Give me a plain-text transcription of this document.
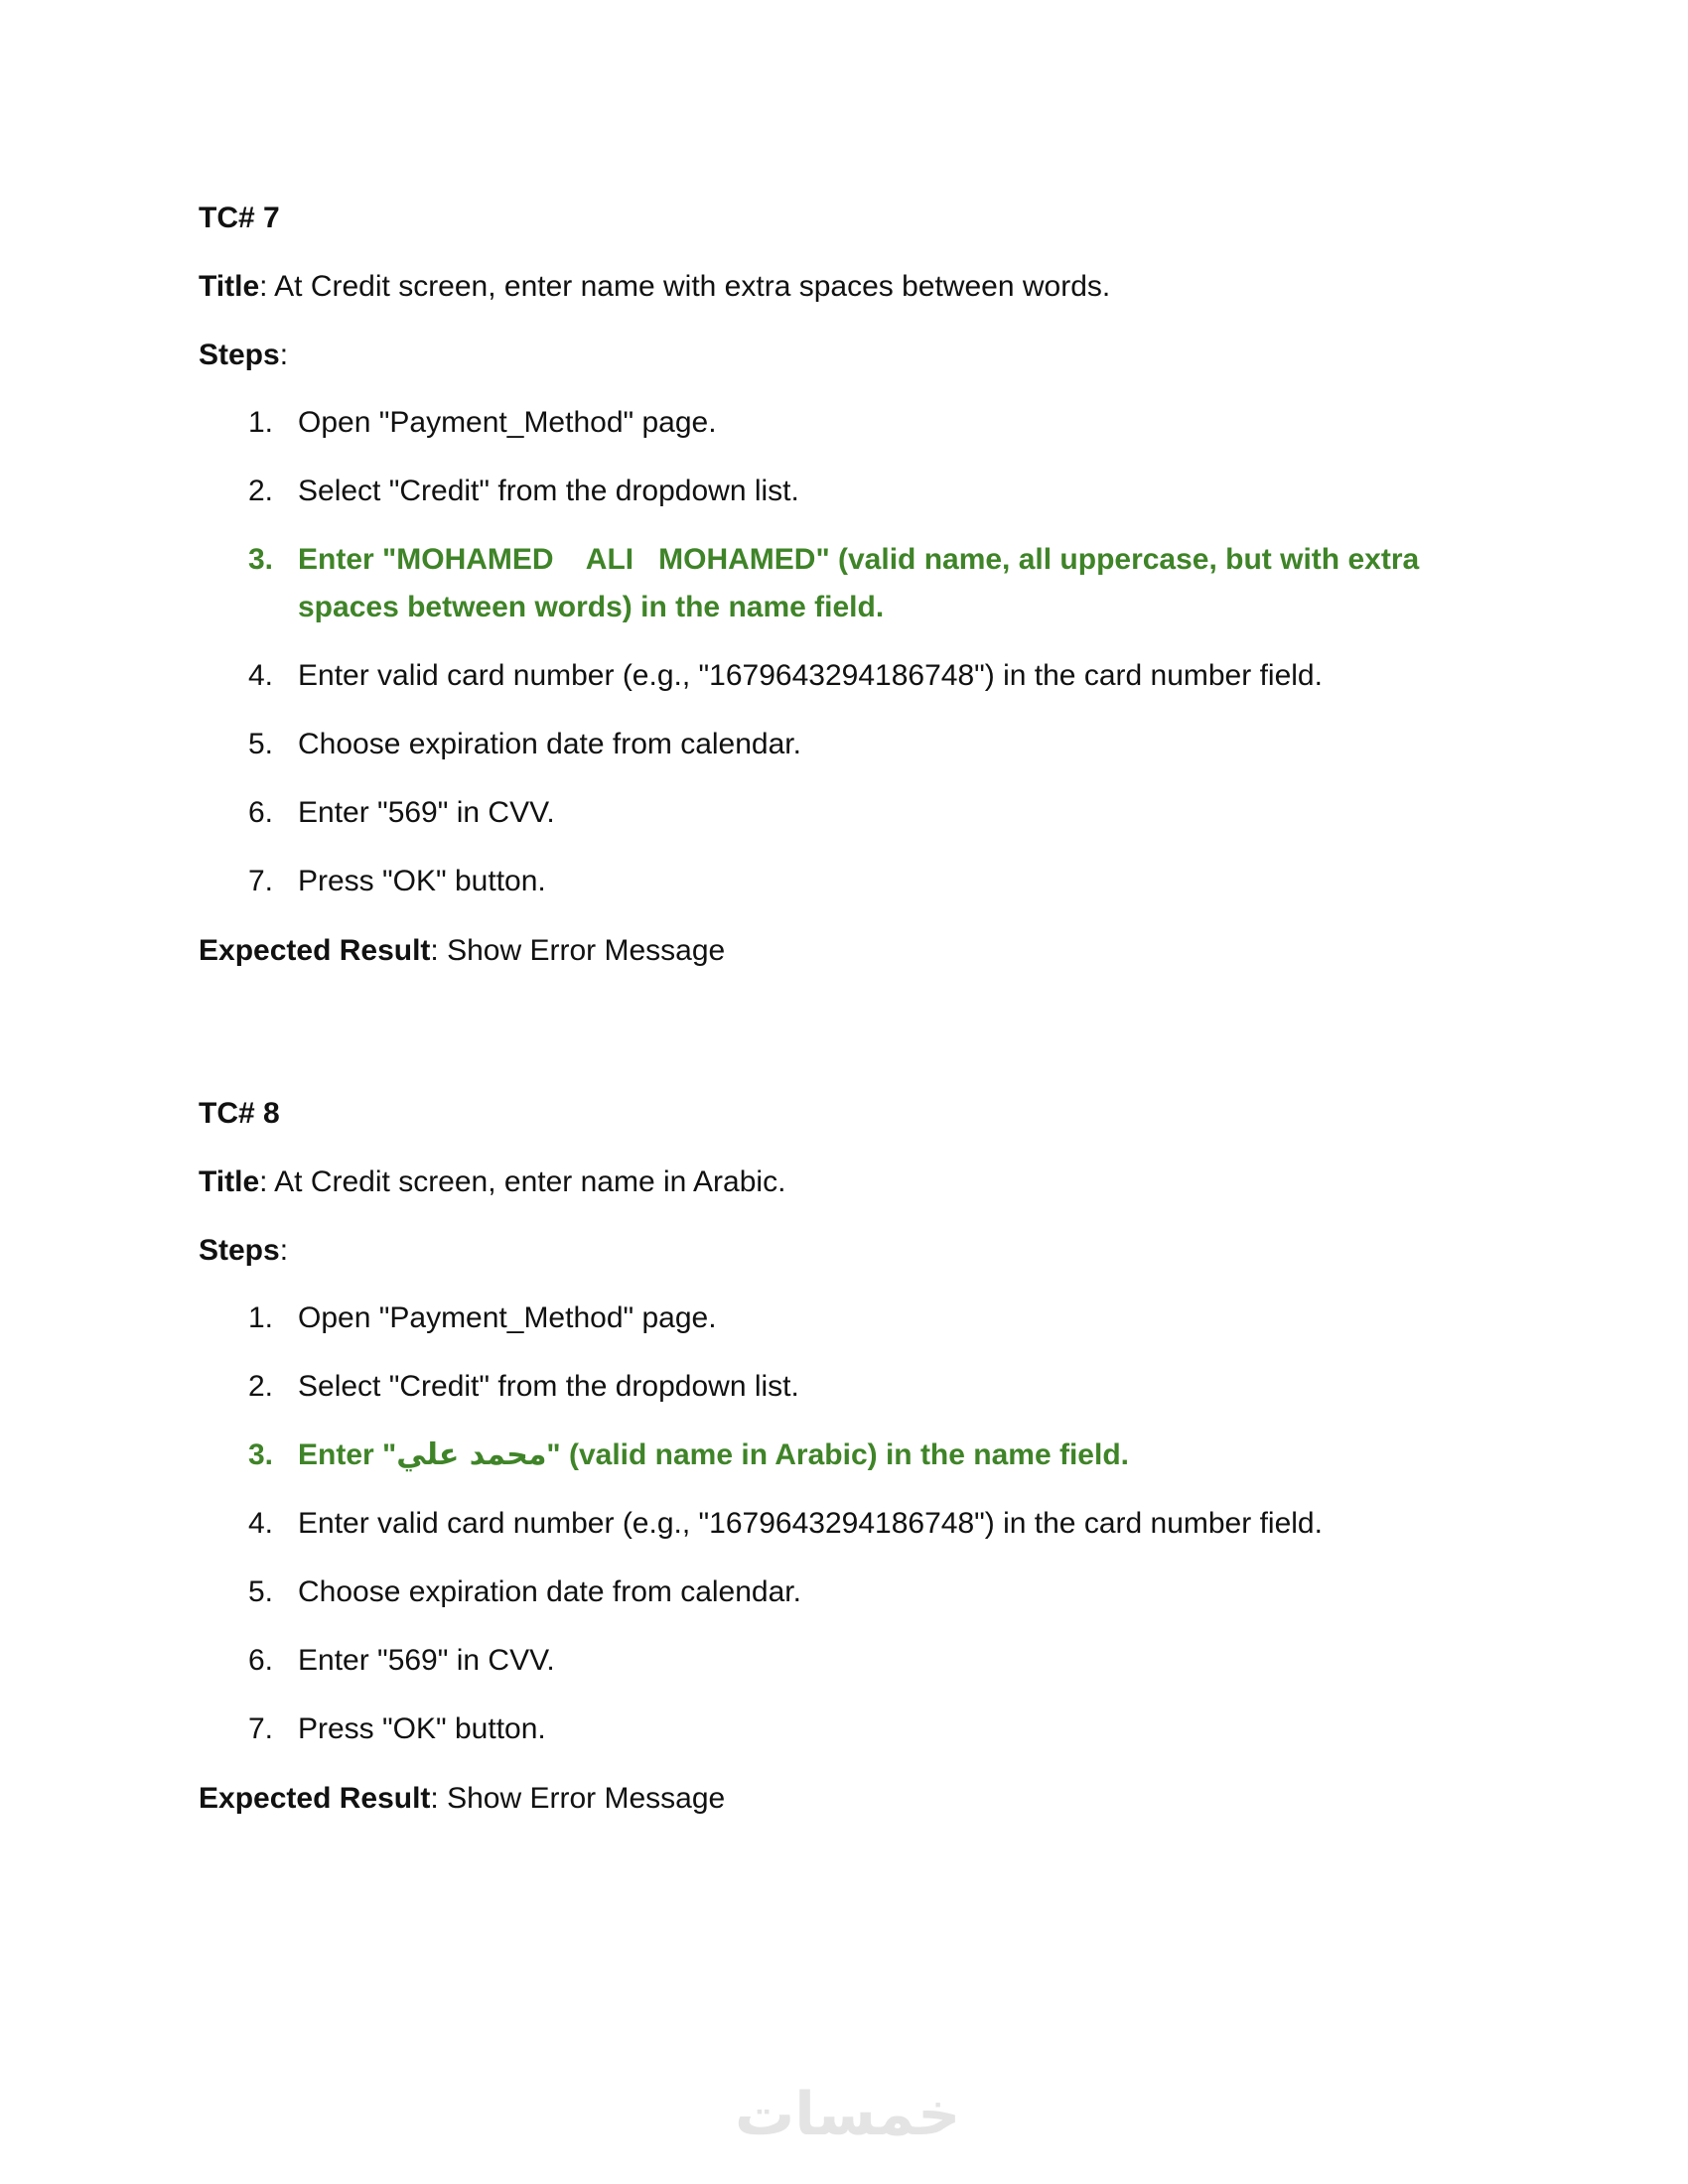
TC# 7

Title: At Credit screen, enter name with extra spaces between words.

Steps:

1. Open "Payment_Method" page.
2. Select "Credit" from the dropdown list.
3. Enter "MOHAMED    ALI   MOHAMED" (valid name, all uppercase, but with extra spaces between words) in the name field.
4. Enter valid card number (e.g., "1679643294186748") in the card number field.
5. Choose expiration date from calendar.
6. Enter "569" in CVV.
7. Press "OK" button.

Expected Result: Show Error Message

TC# 8

Title: At Credit screen, enter name in Arabic.

Steps:

1. Open "Payment_Method" page.
2. Select "Credit" from the dropdown list.
3. Enter "محمد علي" (valid name in Arabic) in the name field.
4. Enter valid card number (e.g., "1679643294186748") in the card number field.
5. Choose expiration date from calendar.
6. Enter "569" in CVV.
7. Press "OK" button.

Expected Result: Show Error Message

خمسات
